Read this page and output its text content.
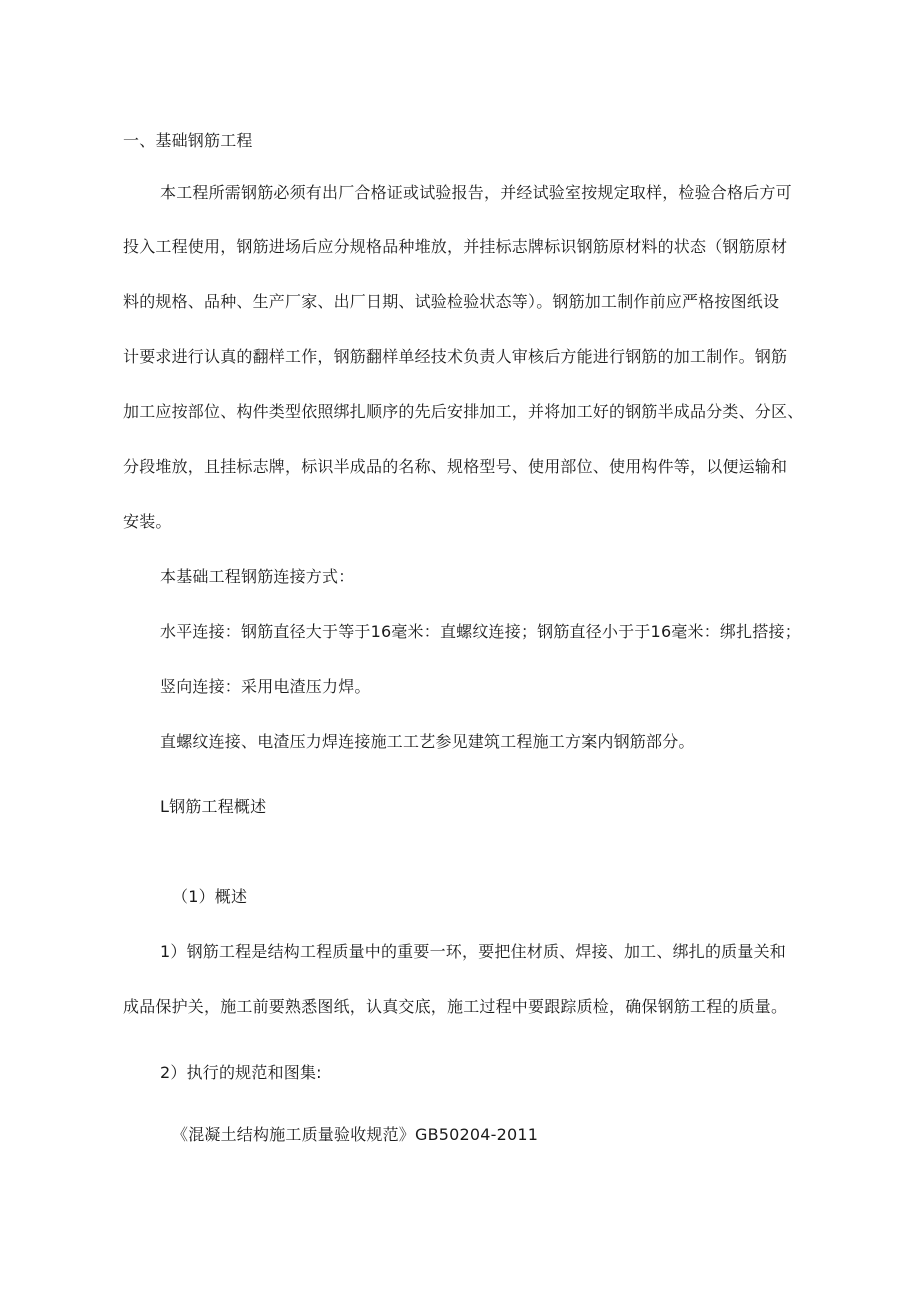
一、基础钢筋工程
本工程所需钢筋必须有出厂合格证或试验报告，并经试验室按规定取样，检验合格后方可
投入工程使用，钢筋进场后应分规格品种堆放，并挂标志牌标识钢筋原材料的状态（钢筋原材
料的规格、品种、生产厂家、出厂日期、试验检验状态等）。钢筋加工制作前应严格按图纸设
计要求进行认真的翻样工作，钢筋翻样单经技术负责人审核后方能进行钢筋的加工制作。钢筋
加工应按部位、构件类型依照绑扎顺序的先后安排加工，并将加工好的钢筋半成品分类、分区、
分段堆放，且挂标志牌，标识半成品的名称、规格型号、使用部位、使用构件等，以便运输和
安装。
本基础工程钢筋连接方式：
水平连接：钢筋直径大于等于16毫米：直螺纹连接；钢筋直径小于于16毫米：绑扎搭接；
竖向连接：采用电渣压力焊。
直螺纹连接、电渣压力焊连接施工工艺参见建筑工程施工方案内钢筋部分。
L钢筋工程概述
（1）概述
1）钢筋工程是结构工程质量中的重要一环，要把住材质、焊接、加工、绑扎的质量关和
成品保护关，施工前要熟悉图纸，认真交底，施工过程中要跟踪质检，确保钢筋工程的质量。
2）执行的规范和图集:
《混凝土结构施工质量验收规范》GB50204-2011
